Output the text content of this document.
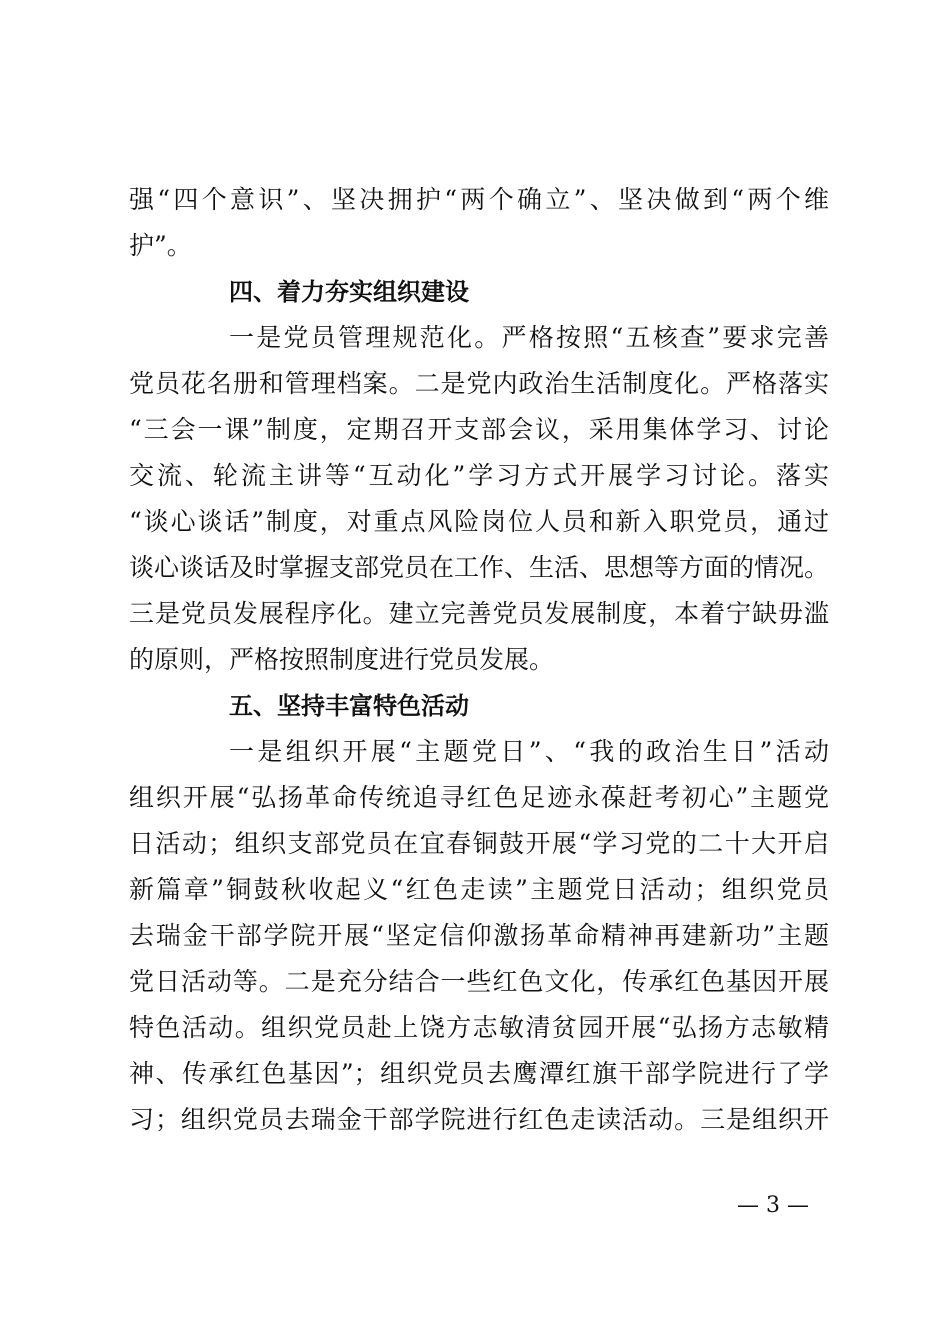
强“四个意识”、坚决拥护“两个确立”、坚决做到“两个维
护”。
四、着力夯实组织建设
一是党员管理规范化。严格按照“五核查”要求完善
党员花名册和管理档案。二是党内政治生活制度化。严格落实
“三会一课”制度，定期召开支部会议，采用集体学习、讨论
交流、轮流主讲等“互动化”学习方式开展学习讨论。落实
“谈心谈话”制度，对重点风险岗位人员和新入职党员，通过
谈心谈话及时掌握支部党员在工作、生活、思想等方面的情况。
三是党员发展程序化。建立完善党员发展制度，本着宁缺毋滥
的原则，严格按照制度进行党员发展。
五、坚持丰富特色活动
一是组织开展“主题党日”、“我的政治生日”活动
组织开展“弘扬革命传统追寻红色足迹永葆赶考初心”主题党
日活动；组织支部党员在宜春铜鼓开展“学习党的二十大开启
新篇章”铜鼓秋收起义“红色走读”主题党日活动；组织党员
去瑞金干部学院开展“坚定信仰激扬革命精神再建新功”主题
党日活动等。二是充分结合一些红色文化，传承红色基因开展
特色活动。组织党员赴上饶方志敏清贫园开展“弘扬方志敏精
神、传承红色基因”；组织党员去鹰潭红旗干部学院进行了学
习；组织党员去瑞金干部学院进行红色走读活动。三是组织开
— 3 —
